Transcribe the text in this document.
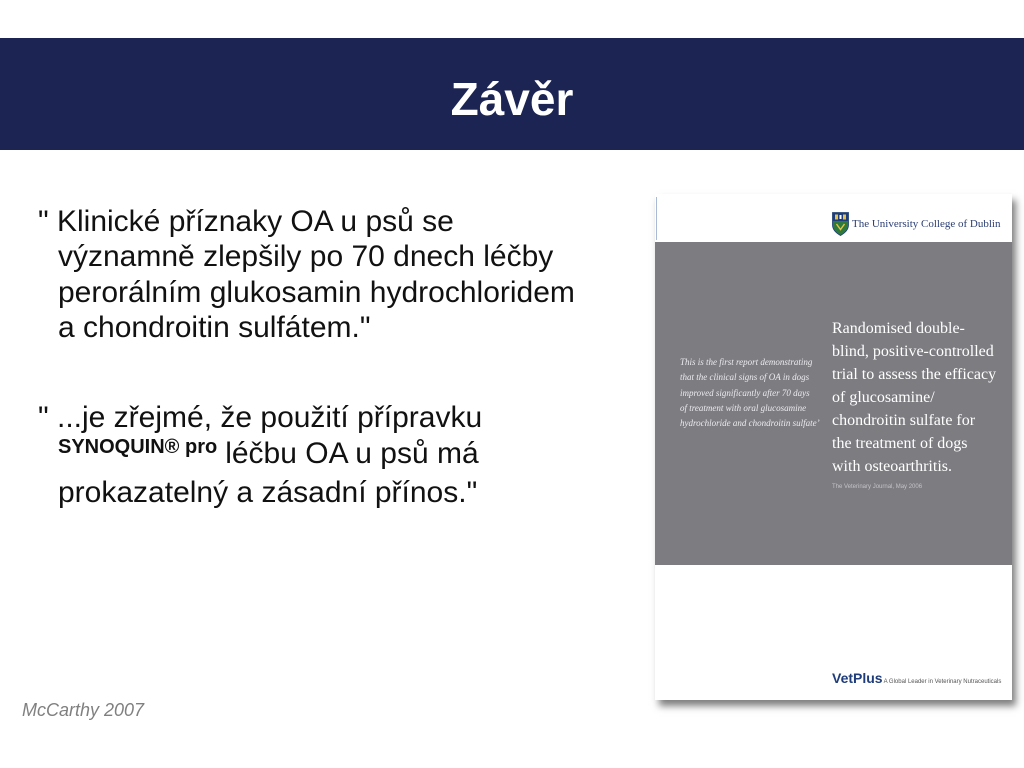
Závěr
" Klinické příznaky OA u psů se
významně zlepšily po 70 dnech léčby
perorálním glukosamin hydrochloridem
a chondroitin sulfátem."
" ...je zřejmé, že použití přípravku
$^{SYNOQUIN® pro}$ léčbu OA u psů má
prokazatelný a zásadní přínos."
McCarthy 2007
The University College of Dublin
This is the first report demonstrating
that the clinical signs of OA in dogs
improved significantly after 70 days
of treatment with oral glucosamine
hydrochloride and chondroitin sulfate’
Randomised double-
blind, positive-controlled
trial to assess the efficacy
of glucosamine/
chondroitin sulfate for
the treatment of dogs
with osteoarthritis.
The Veterinary Journal, May 2006
VetPlusA Global Leader in Veterinary Nutraceuticals
